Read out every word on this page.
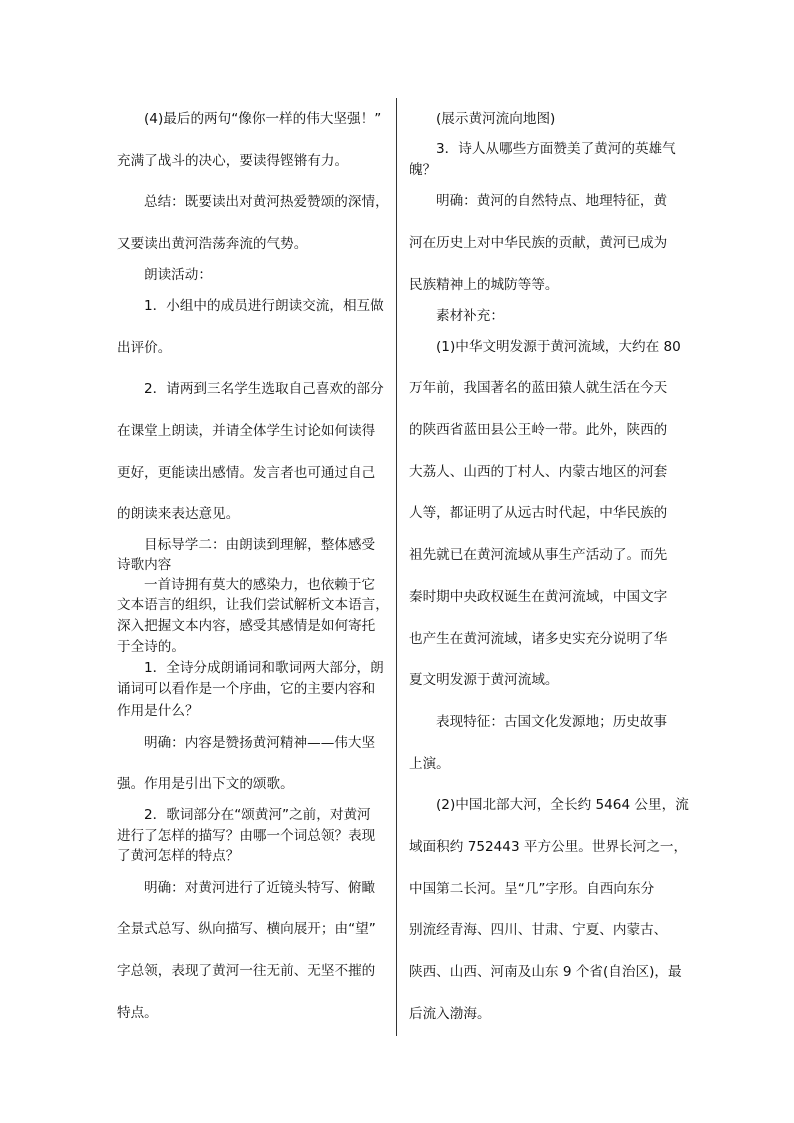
(4)最后的两句“像你一样的伟大坚强！”
充满了战斗的决心，要读得铿锵有力。
总结：既要读出对黄河热爱赞颂的深情，
又要读出黄河浩荡奔流的气势。
朗读活动：
1．小组中的成员进行朗读交流，相互做
出评价。
2．请两到三名学生选取自己喜欢的部分
在课堂上朗读，并请全体学生讨论如何读得
更好，更能读出感情。发言者也可通过自己
的朗读来表达意见。
目标导学二：由朗读到理解，整体感受
诗歌内容
一首诗拥有莫大的感染力，也依赖于它
文本语言的组织，让我们尝试解析文本语言，
深入把握文本内容，感受其感情是如何寄托
于全诗的。
1．全诗分成朗诵词和歌词两大部分，朗
诵词可以看作是一个序曲，它的主要内容和
作用是什么？
明确：内容是赞扬黄河精神——伟大坚
强。作用是引出下文的颂歌。
2．歌词部分在“颂黄河”之前，对黄河
进行了怎样的描写？由哪一个词总领？表现
了黄河怎样的特点？
明确：对黄河进行了近镜头特写、俯瞰
全景式总写、纵向描写、横向展开；由“望”
字总领，表现了黄河一往无前、无坚不摧的
特点。
(展示黄河流向地图)
3．诗人从哪些方面赞美了黄河的英雄气
魄？
明确：黄河的自然特点、地理特征，黄
河在历史上对中华民族的贡献，黄河已成为
民族精神上的城防等等。
素材补充：
(1)中华文明发源于黄河流域，大约在 80
万年前，我国著名的蓝田猿人就生活在今天
的陕西省蓝田县公王岭一带。此外，陕西的
大荔人、山西的丁村人、内蒙古地区的河套
人等，都证明了从远古时代起，中华民族的
祖先就已在黄河流域从事生产活动了。而先
秦时期中央政权诞生在黄河流域，中国文字
也产生在黄河流域，诸多史实充分说明了华
夏文明发源于黄河流域。
表现特征：古国文化发源地；历史故事
上演。
(2)中国北部大河，全长约 5464 公里，流
域面积约 752443 平方公里。世界长河之一，
中国第二长河。呈“几”字形。自西向东分
别流经青海、四川、甘肃、宁夏、内蒙古、
陕西、山西、河南及山东 9 个省(自治区)，最
后流入渤海。
